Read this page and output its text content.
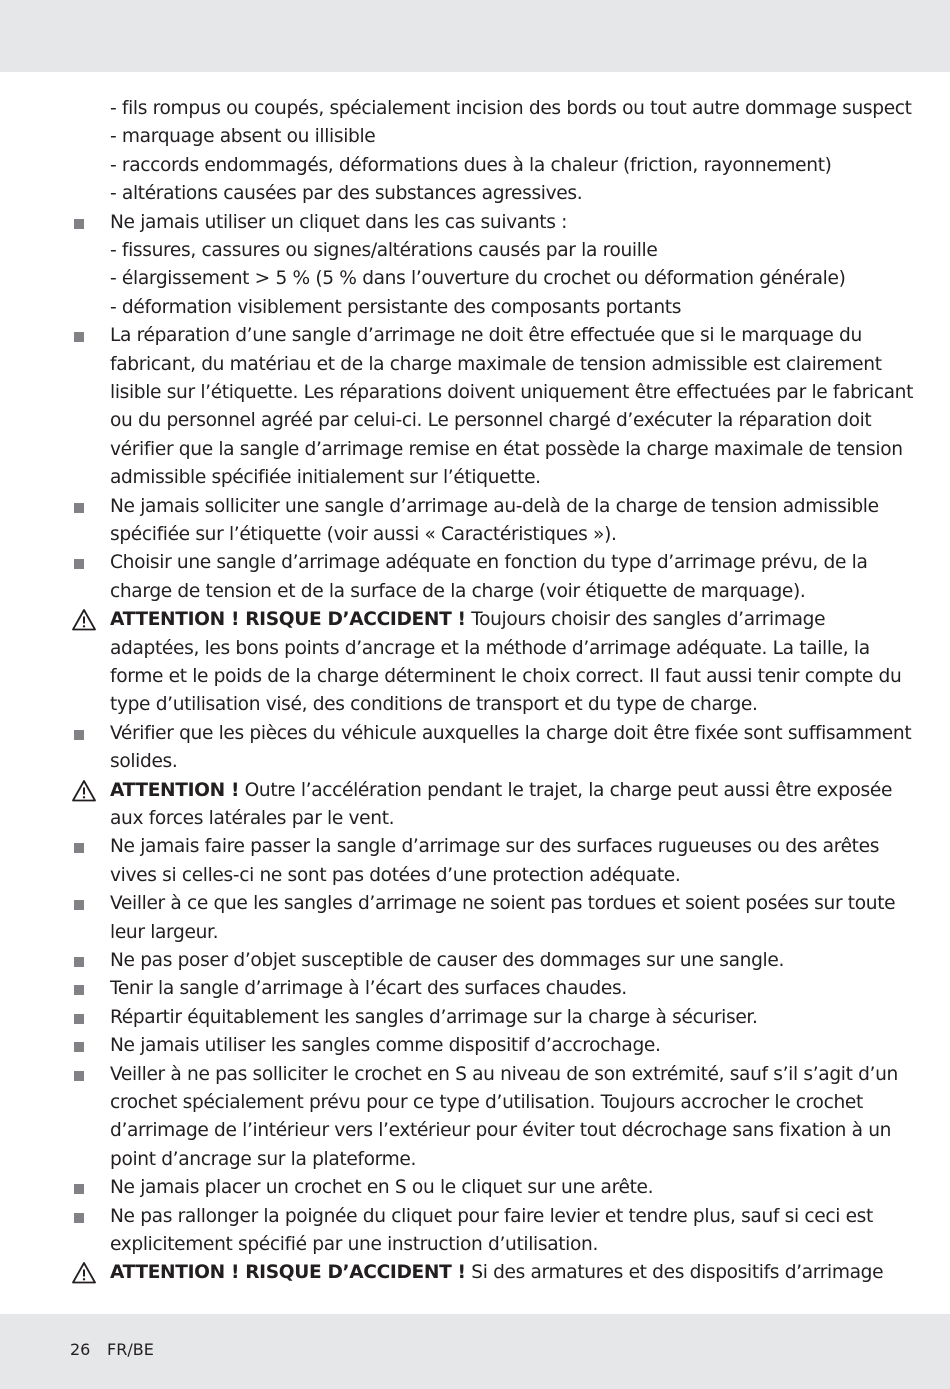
- fils rompus ou coupés, spécialement incision des bords ou tout autre dommage suspect
- marquage absent ou illisible
- raccords endommagés, déformations dues à la chaleur (friction, rayonnement)
- altérations causées par des substances agressives.
Ne jamais utiliser un cliquet dans les cas suivants :
- fissures, cassures ou signes/altérations causés par la rouille
- élargissement > 5 % (5 % dans l’ouverture du crochet ou déformation générale)
- déformation visiblement persistante des composants portants
La réparation d’une sangle d’arrimage ne doit être effectuée que si le marquage du
fabricant, du matériau et de la charge maximale de tension admissible est clairement
lisible sur l’étiquette. Les réparations doivent uniquement être effectuées par le fabricant
ou du personnel agréé par celui-ci. Le personnel chargé d’exécuter la réparation doit
vérifier que la sangle d’arrimage remise en état possède la charge maximale de tension
admissible spécifiée initialement sur l’étiquette.
Ne jamais solliciter une sangle d’arrimage au-delà de la charge de tension admissible
spécifiée sur l’étiquette (voir aussi « Caractéristiques »).
Choisir une sangle d’arrimage adéquate en fonction du type d’arrimage prévu, de la
charge de tension et de la surface de la charge (voir étiquette de marquage).
ATTENTION ! RISQUE D’ACCIDENT ! Toujours choisir des sangles d’arrimage
adaptées, les bons points d’ancrage et la méthode d’arrimage adéquate. La taille, la
forme et le poids de la charge déterminent le choix correct. Il faut aussi tenir compte du
type d’utilisation visé, des conditions de transport et du type de charge.
Vérifier que les pièces du véhicule auxquelles la charge doit être fixée sont suffisamment
solides.
ATTENTION ! Outre l’accélération pendant le trajet, la charge peut aussi être exposée
aux forces latérales par le vent.
Ne jamais faire passer la sangle d’arrimage sur des surfaces rugueuses ou des arêtes
vives si celles-ci ne sont pas dotées d’une protection adéquate.
Veiller à ce que les sangles d’arrimage ne soient pas tordues et soient posées sur toute
leur largeur.
Ne pas poser d’objet susceptible de causer des dommages sur une sangle.
Tenir la sangle d’arrimage à l’écart des surfaces chaudes.
Répartir équitablement les sangles d’arrimage sur la charge à sécuriser.
Ne jamais utiliser les sangles comme dispositif d’accrochage.
Veiller à ne pas solliciter le crochet en S au niveau de son extrémité, sauf s’il s’agit d’un
crochet spécialement prévu pour ce type d’utilisation. Toujours accrocher le crochet
d’arrimage de l’intérieur vers l’extérieur pour éviter tout décrochage sans fixation à un
point d’ancrage sur la plateforme.
Ne jamais placer un crochet en S ou le cliquet sur une arête.
Ne pas rallonger la poignée du cliquet pour faire levier et tendre plus, sauf si ceci est
explicitement spécifié par une instruction d’utilisation.
ATTENTION ! RISQUE D’ACCIDENT ! Si des armatures et des dispositifs d’arrimage
26 FR/BE
